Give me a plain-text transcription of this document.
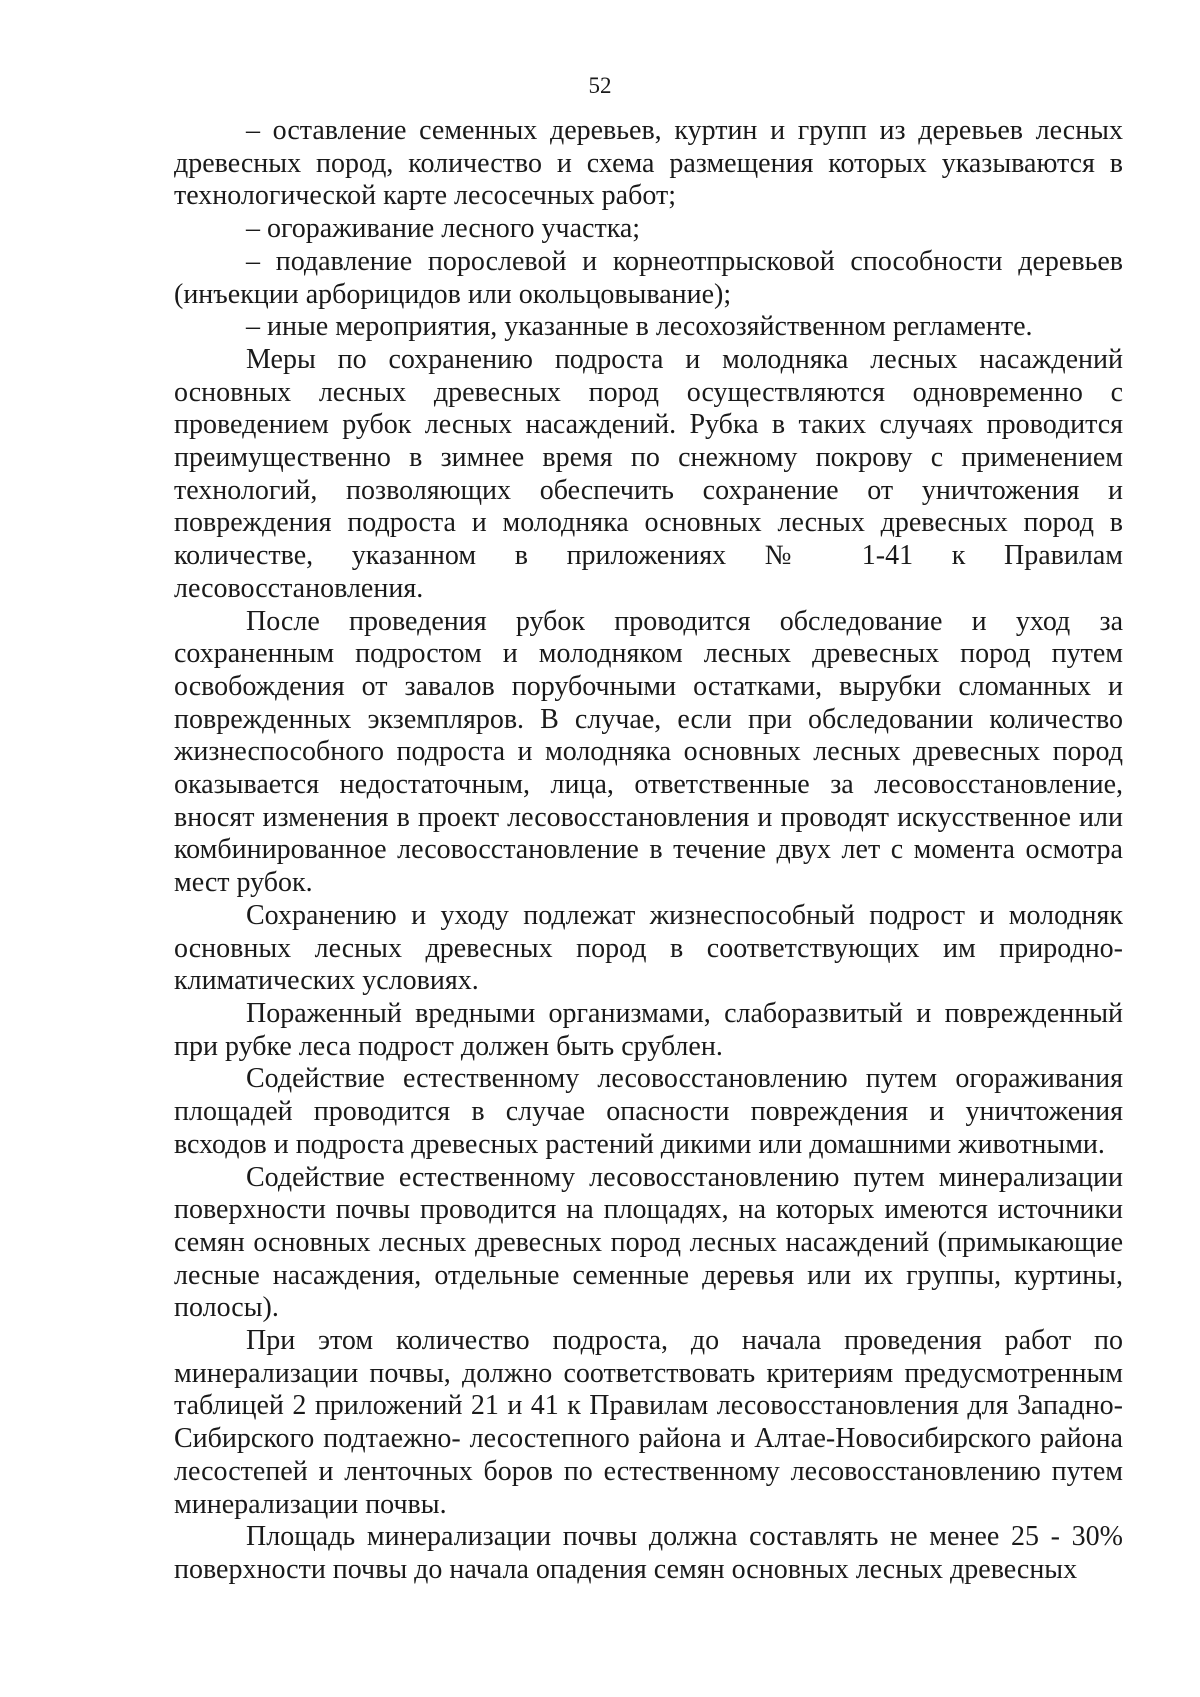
52

– оставление семенных деревьев, куртин и групп из деревьев лесных древесных пород, количество и схема размещения которых указываются в технологической карте лесосечных работ;

– огораживание лесного участка;

– подавление порослевой и корнеотпрысковой способности деревьев (инъекции арборицидов или окольцовывание);

– иные мероприятия, указанные в лесохозяйственном регламенте.

Меры по сохранению подроста и молодняка лесных насаждений основных лесных древесных пород осуществляются одновременно с проведением рубок лесных насаждений. Рубка в таких случаях проводится преимущественно в зимнее время по снежному покрову с применением технологий, позволяющих обеспечить сохранение от уничтожения и повреждения подроста и молодняка основных лесных древесных пород в количестве, указанном в приложениях № 1-41 к Правилам лесовосстановления.

После проведения рубок проводится обследование и уход за сохраненным подростом и молодняком лесных древесных пород путем освобождения от завалов порубочными остатками, вырубки сломанных и поврежденных экземпляров. В случае, если при обследовании количество жизнеспособного подроста и молодняка основных лесных древесных пород оказывается недостаточным, лица, ответственные за лесовосстановление, вносят изменения в проект лесовосстановления и проводят искусственное или комбинированное лесовосстановление в течение двух лет с момента осмотра мест рубок.

Сохранению и уходу подлежат жизнеспособный подрост и молодняк основных лесных древесных пород в соответствующих им природно-климатических условиях.

Пораженный вредными организмами, слаборазвитый и поврежденный при рубке леса подрост должен быть срублен.

Содействие естественному лесовосстановлению путем огораживания площадей проводится в случае опасности повреждения и уничтожения всходов и подроста древесных растений дикими или домашними животными.

Содействие естественному лесовосстановлению путем минерализации поверхности почвы проводится на площадях, на которых имеются источники семян основных лесных древесных пород лесных насаждений (примыкающие лесные насаждения, отдельные семенные деревья или их группы, куртины, полосы).

При этом количество подроста, до начала проведения работ по минерализации почвы, должно соответствовать критериям предусмотренным таблицей 2 приложений 21 и 41 к Правилам лесовосстановления для Западно-Сибирского подтаежно- лесостепного района и Алтае-Новосибирского района лесостепей и ленточных боров по естественному лесовосстановлению путем минерализации почвы.

Площадь минерализации почвы должна составлять не менее 25 - 30% поверхности почвы до начала опадения семян основных лесных древесных
